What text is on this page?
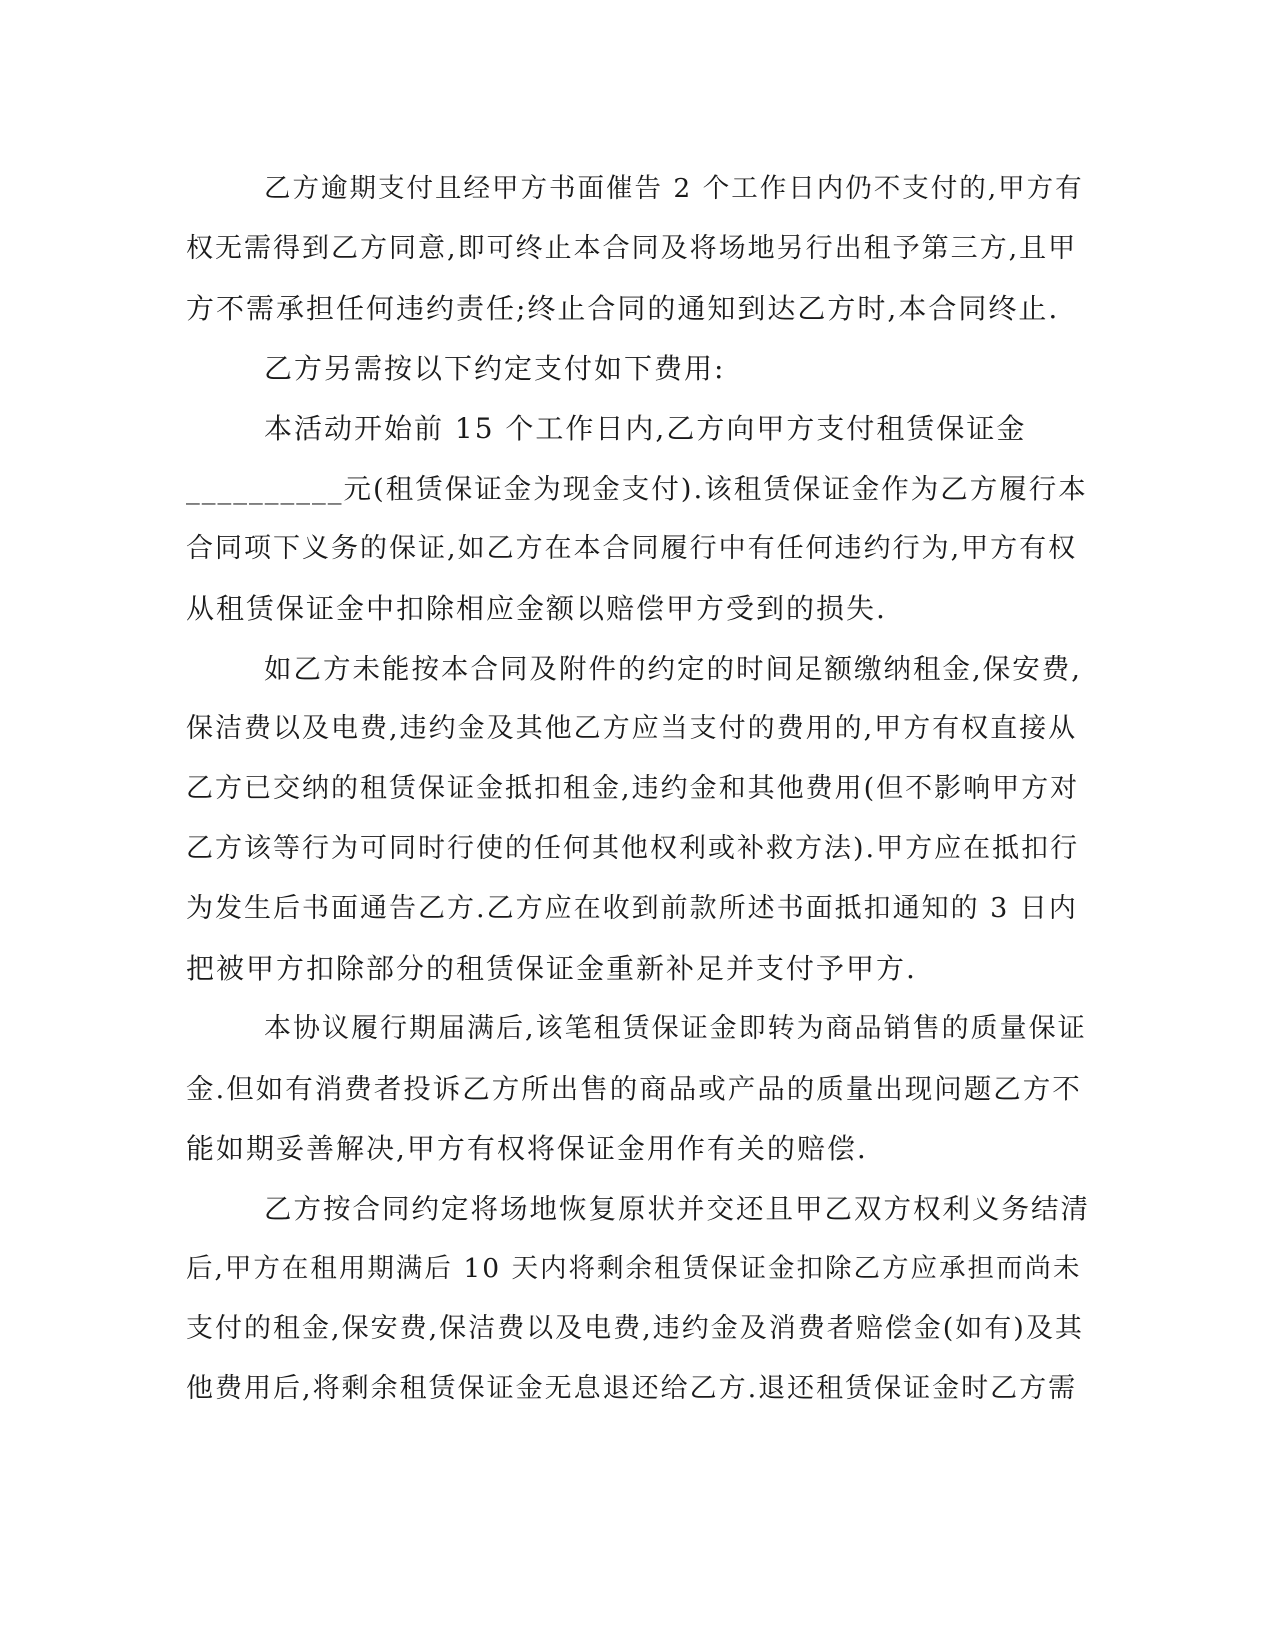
乙方逾期支付且经甲方书面催告 2 个工作日内仍不支付的,甲方有
权无需得到乙方同意,即可终止本合同及将场地另行出租予第三方,且甲
方不需承担任何违约责任;终止合同的通知到达乙方时,本合同终止.
乙方另需按以下约定支付如下费用:
本活动开始前 15 个工作日内,乙方向甲方支付租赁保证金
__________元(租赁保证金为现金支付).该租赁保证金作为乙方履行本
合同项下义务的保证,如乙方在本合同履行中有任何违约行为,甲方有权
从租赁保证金中扣除相应金额以赔偿甲方受到的损失.
如乙方未能按本合同及附件的约定的时间足额缴纳租金,保安费,
保洁费以及电费,违约金及其他乙方应当支付的费用的,甲方有权直接从
乙方已交纳的租赁保证金抵扣租金,违约金和其他费用(但不影响甲方对
乙方该等行为可同时行使的任何其他权利或补救方法).甲方应在抵扣行
为发生后书面通告乙方.乙方应在收到前款所述书面抵扣通知的 3 日内
把被甲方扣除部分的租赁保证金重新补足并支付予甲方.
本协议履行期届满后,该笔租赁保证金即转为商品销售的质量保证
金.但如有消费者投诉乙方所出售的商品或产品的质量出现问题乙方不
能如期妥善解决,甲方有权将保证金用作有关的赔偿.
乙方按合同约定将场地恢复原状并交还且甲乙双方权利义务结清
后,甲方在租用期满后 10 天内将剩余租赁保证金扣除乙方应承担而尚未
支付的租金,保安费,保洁费以及电费,违约金及消费者赔偿金(如有)及其
他费用后,将剩余租赁保证金无息退还给乙方.退还租赁保证金时乙方需
